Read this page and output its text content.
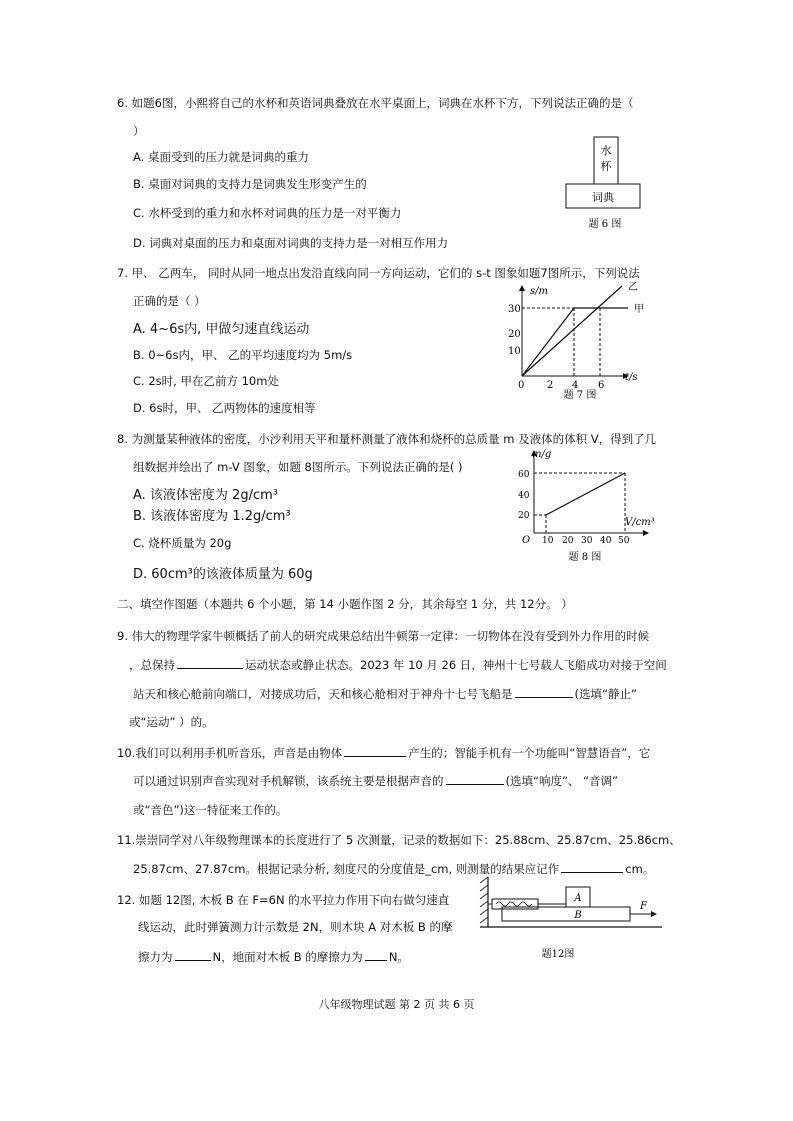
6. 如题6图，小熙将自己的水杯和英语词典叠放在水平桌面上，词典在水杯下方，下列说法正确的是（
）
A. 桌面受到的压力就是词典的重力
B. 桌面对词典的支持力是词典发生形变产生的
C. 水杯受到的重力和水杯对词典的压力是一对平衡力
D. 词典对桌面的压力和桌面对词典的支持力是一对相互作用力
水
杯
词典
题 6 图
7. 甲、 乙两车， 同时从同一地点出发沿直线向同一方向运动，它们的 s-t 图象如题7图所示，下列说法
正确的是（ ）
A. 4~6s内, 甲做匀速直线运动
B. 0~6s内，甲、 乙的平均速度均为 5m/s
C. 2s时, 甲在乙前方 10m处
D. 6s时，甲、 乙两物体的速度相等
s/m
t/s
30
20
10
0 2 4 6
乙
甲
题 7 图
8. 为测量某种液体的密度，小沙利用天平和量杯测量了液体和烧杯的总质量 m 及液体的体积 V，得到了几
组数据并绘出了 m-V 图象，如题 8图所示。下列说法正确的是( )
A. 该液体密度为 2g/cm³
B. 该液体密度为 1.2g/cm³
C. 烧杯质量为 20g
D. 60cm³的该液体质量为 60g
m/g
V/cm³
60
40
20
O 10 20 30 40 50
题 8 图
二、填空作图题（本题共 6 个小题，第 14 小题作图 2 分，其余每空 1 分，共 12分。 ）
9. 伟大的物理学家牛顿概括了前人的研究成果总结出牛顿第一定律：一切物体在没有受到外力作用的时候
，总保持	运动状态或静止状态。2023 年 10 月 26 日，神州十七号载人飞船成功对接于空间
站天和核心舱前向端口，对接成功后，天和核心舱相对于神舟十七号飞船是	(选填“静止”
或“运动” ）的。
10.我们可以利用手机听音乐，声音是由物体	产生的；智能手机有一个功能叫“智慧语音”，它
可以通过识别声音实现对手机解锁，该系统主要是根据声音的	(选填“响度”、 “音调”
或“音色”)这一特征来工作的。
11.崇崇同学对八年级物理课本的长度进行了 5 次测量，记录的数据如下：25.88cm、25.87cm、25.86cm、
25.87cm、27.87cm。根据记录分析, 刻度尺的分度值是_cm, 则测量的结果应记作	cm。
12. 如题 12图, 木板 B 在 F=6N 的水平拉力作用下向右做匀速直
线运动，此时弹簧测力计示数是 2N，则木块 A 对木板 B 的摩
擦力为	N，地面对木板 B 的摩擦力为 N。
A
B
F
题12图
八年级物理试题 第 2 页 共 6 页
